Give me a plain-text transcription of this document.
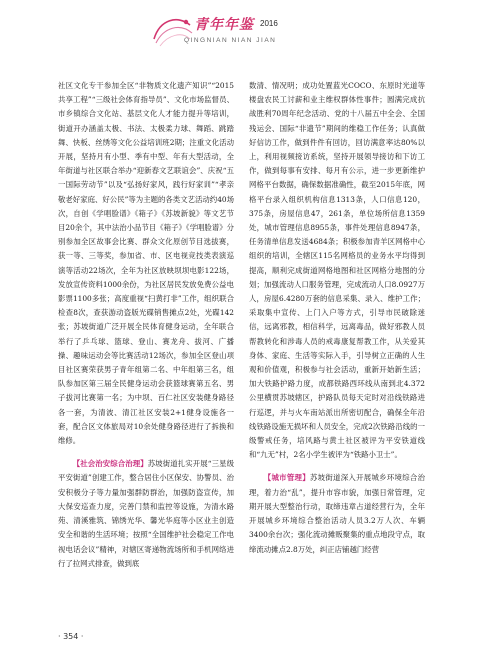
青年年鉴 2016
QINGNIAN NIAN JIAN

社区文化专干参加全区“非物质文化遗产知识”“2015共享工程”“三级社会体育指导员”、文化市场监督员、市乡镇综合文化站、基层文化人才能力提升等培训，街道开办涵盖太极、书法、太极柔力球、舞蹈、跳踏舞、快板、丝绣等文化公益培训班2期；注重文化活动开展，坚持月有小型、季有中型、年有大型活动，全年街道与社区联合举办“迎新春文艺联谊会”、庆祝“五一国际劳动节”以及“弘扬好家风，践行好家训”“孝亲敬老好家庭、好公民”等为主题的各类文艺活动约40场次，自创《学唱脸谱》《箱子》《苏坡新貌》等文艺节目20余个，其中法治小品节目《箱子》《学唱脸谱》分别参加全区故事会比赛、群众文化原创节目选拔赛，获一等、三等奖，参加省、市、区电视竞技类表演巡演等活动22场次，全年为社区放映坝坝电影122场，发放宣传资料1000余份，为社区居民发放免费公益电影票1100多张；高度重视“扫黄打非”工作，组织联合检查8次，查获游动盗版光碟销售摊点2处，光碟142张；苏坡街道广泛开展全民体育健身运动，全年联合举行了乒乓球、篮球、登山、赛龙舟、拔河、广播操、趣味运动会等比赛活动12场次，参加全区登山项目社区赛荣获男子青年组第二名、中年组第三名，组队参加区第三届全民健身运动会获篮球赛第五名、男子拔河比赛第一名；为中坝、百仁社区安装健身路径各一套，为清波、清江社区安装2+1健身设施各一套，配合区文体旅局对10余处健身路径进行了拆换和维修。

【社会治安综合治理】苏坡街道扎实开展“三星级平安街道”创建工作，整合居住小区保安、协警员、治安积极分子等力量加强群防群治，加强防盗宣传，加大保安巡查力度，完善门禁和监控等设施，为清水路苑、清溪雅筑、锦绣光华、馨光华庭等小区业主创造安全和谐的生活环境；按照“全国维护社会稳定工作电视电话会议”精神，对辖区寄递物流场所和手机网络进行了拉网式排查，做到底

数清、情况明；成功处置蓝光COCO、东原时光道等楼盘农民工讨薪和业主维权群体性事件；圆满完成抗战胜利70周年纪念活动、党的十八届五中全会、全国残运会、国际“非遗节”期间的维稳工作任务；认真做好信访工作，做到件件有回访，回访满意率达80%以上，利用视频接访系统，坚持开展领导接访和下访工作，做到每事有安排、每月有公示，进一步更新维护网格平台数据，确保数据准确性，截至2015年底，网格平台录入组织机构信息1313条，人口信息120，375条，房屋信息47，261条，单位场所信息1359处，城市管理信息8955条，事件处理信息8947条，任务清单信息发送4684条；积极参加青羊区网格中心组织的培训，全辖区115名网格员的业务水平均得到提高，顺利完成街道网格地图和社区网格分地图的分划；加强流动人口服务管理，完成流动人口8.0927万人，房屋6.4280万套的信息采集、录入、维护工作；采取集中宣传、上门入户等方式，引导市民破除迷信，远离邪教，相信科学，远离毒品，做好邪教人员帮教转化和涉毒人员的戒毒康复帮教工作，从关爱其身体、家庭、生活等实际入手，引导树立正确的人生观和价值观，积极参与社会活动，重新开始新生活；加大铁路护路力度，成都铁路西环线从南到北4.372公里横贯苏坡辖区，护路队员每天定时对沿线铁路进行巡逻，并与火车南站派出所密切配合，确保全年沿线铁路设施无损坏和人员安全，完成2次铁路沿线的一级警戒任务，培风路与黄土社区被评为平安铁道线和“九无”村，2名小学生被评为“铁路小卫士”。

【城市管理】苏坡街道深入开展城乡环境综合治理，着力治“乱”，提升市容市貌，加强日常管理，定期开展大型整治行动，取缔违章占道经营行为，全年开展城乡环境综合整治活动人员3.2万人次、车辆3400余台次；强化流动摊贩聚集的重点地段守点，取缔流动摊点2.8万处，纠正店铺越门经营

· 354 ·
